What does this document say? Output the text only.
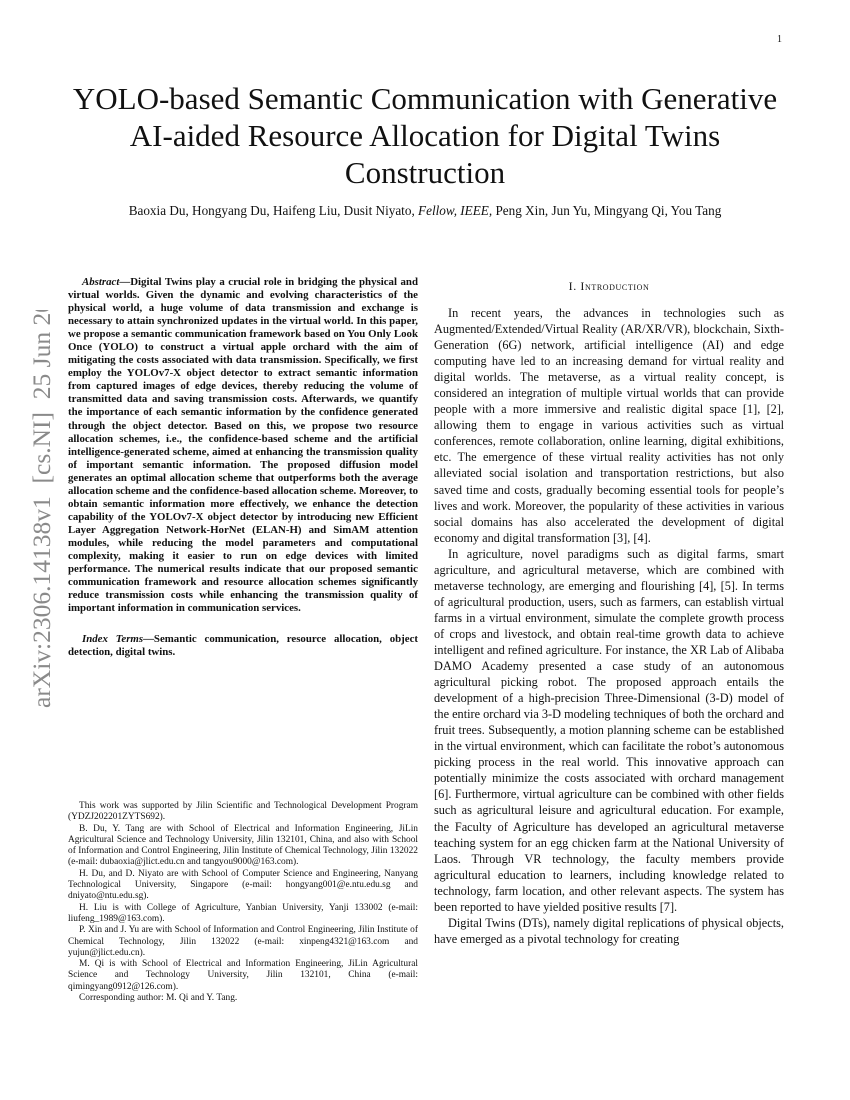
1
arXiv:2306.14138v1  [cs.NI]  25 Jun 2023
YOLO-based Semantic Communication with Generative AI-aided Resource Allocation for Digital Twins Construction
Baoxia Du, Hongyang Du, Haifeng Liu, Dusit Niyato, Fellow, IEEE, Peng Xin, Jun Yu, Mingyang Qi, You Tang

Abstract—Digital Twins play a crucial role in bridging the physical and virtual worlds. Given the dynamic and evolving characteristics of the physical world, a huge volume of data transmission and exchange is necessary to attain synchronized updates in the virtual world. In this paper, we propose a semantic communication framework based on You Only Look Once (YOLO) to construct a virtual apple orchard with the aim of mitigating the costs associated with data transmission. Specifically, we first employ the YOLOv7-X object detector to extract semantic information from captured images of edge devices, thereby reducing the volume of transmitted data and saving transmission costs. Afterwards, we quantify the importance of each semantic information by the confidence generated through the object detector. Based on this, we propose two resource allocation schemes, i.e., the confidence-based scheme and the artificial intelligence-generated scheme, aimed at enhancing the transmission quality of important semantic information. The proposed diffusion model generates an optimal allocation scheme that outperforms both the average allocation scheme and the confidence-based allocation scheme. Moreover, to obtain semantic information more effectively, we enhance the detection capability of the YOLOv7-X object detector by introducing new Efficient Layer Aggregation Network-HorNet (ELAN-H) and SimAM attention modules, while reducing the model parameters and computational complexity, making it easier to run on edge devices with limited performance. The numerical results indicate that our proposed semantic communication framework and resource allocation schemes significantly reduce transmission costs while enhancing the transmission quality of important information in communication services.

Index Terms—Semantic communication, resource allocation, object detection, digital twins.

This work was supported by Jilin Scientific and Technological Development Program (YDZJ202201ZYTS692).

B. Du, Y. Tang are with School of Electrical and Information Engineering, JiLin Agricultural Science and Technology University, Jilin 132101, China, and also with School of Information and Control Engineering, Jilin Institute of Chemical Technology, Jilin 132022 (e-mail: dubaoxia@jlict.edu.cn and tangyou9000@163.com).

H. Du, and D. Niyato are with School of Computer Science and Engineering, Nanyang Technological University, Singapore (e-mail: hongyang001@e.ntu.edu.sg and dniyato@ntu.edu.sg).

H. Liu is with College of Agriculture, Yanbian University, Yanji 133002 (e-mail: liufeng_1989@163.com).

P. Xin and J. Yu are with School of Information and Control Engineering, Jilin Institute of Chemical Technology, Jilin 132022 (e-mail: xinpeng4321@163.com and yujun@jlict.edu.cn).

M. Qi is with School of Electrical and Information Engineering, JiLin Agricultural Science and Technology University, Jilin 132101, China (e-mail: qimingyang0912@126.com).

Corresponding author: M. Qi and Y. Tang.

I. Introduction

In recent years, the advances in technologies such as Augmented/Extended/Virtual Reality (AR/XR/VR), blockchain, Sixth-Generation (6G) network, artificial intelligence (AI) and edge computing have led to an increasing demand for virtual reality and digital worlds. The metaverse, as a virtual reality concept, is considered an integration of multiple virtual worlds that can provide people with a more immersive and realistic digital space [1], [2], allowing them to engage in various activities such as virtual conferences, remote collaboration, online learning, digital exhibitions, etc. The emergence of these virtual reality activities has not only alleviated social isolation and transportation restrictions, but also saved time and costs, gradually becoming essential tools for people’s lives and work. Moreover, the popularity of these activities in various social domains has also accelerated the development of digital economy and digital transformation [3], [4].

In agriculture, novel paradigms such as digital farms, smart agriculture, and agricultural metaverse, which are combined with metaverse technology, are emerging and flourishing [4], [5]. In terms of agricultural production, users, such as farmers, can establish virtual farms in a virtual environment, simulate the complete growth process of crops and livestock, and obtain real-time growth data to achieve intelligent and refined agriculture. For instance, the XR Lab of Alibaba DAMO Academy presented a case study of an autonomous agricultural picking robot. The proposed approach entails the development of a high-precision Three-Dimensional (3-D) model of the entire orchard via 3-D modeling techniques of both the orchard and fruit trees. Subsequently, a motion planning scheme can be established in the virtual environment, which can facilitate the robot’s autonomous picking process in the real world. This innovative approach can potentially minimize the costs associated with orchard management [6]. Furthermore, virtual agriculture can be combined with other fields such as agricultural leisure and agricultural education. For example, the Faculty of Agriculture has developed an agricultural metaverse teaching system for an egg chicken farm at the National University of Laos. Through VR technology, the faculty members provide agricultural education to learners, including knowledge related to technology, farm location, and other relevant aspects. The system has been reported to have yielded positive results [7].

Digital Twins (DTs), namely digital replications of physical objects, have emerged as a pivotal technology for creating
